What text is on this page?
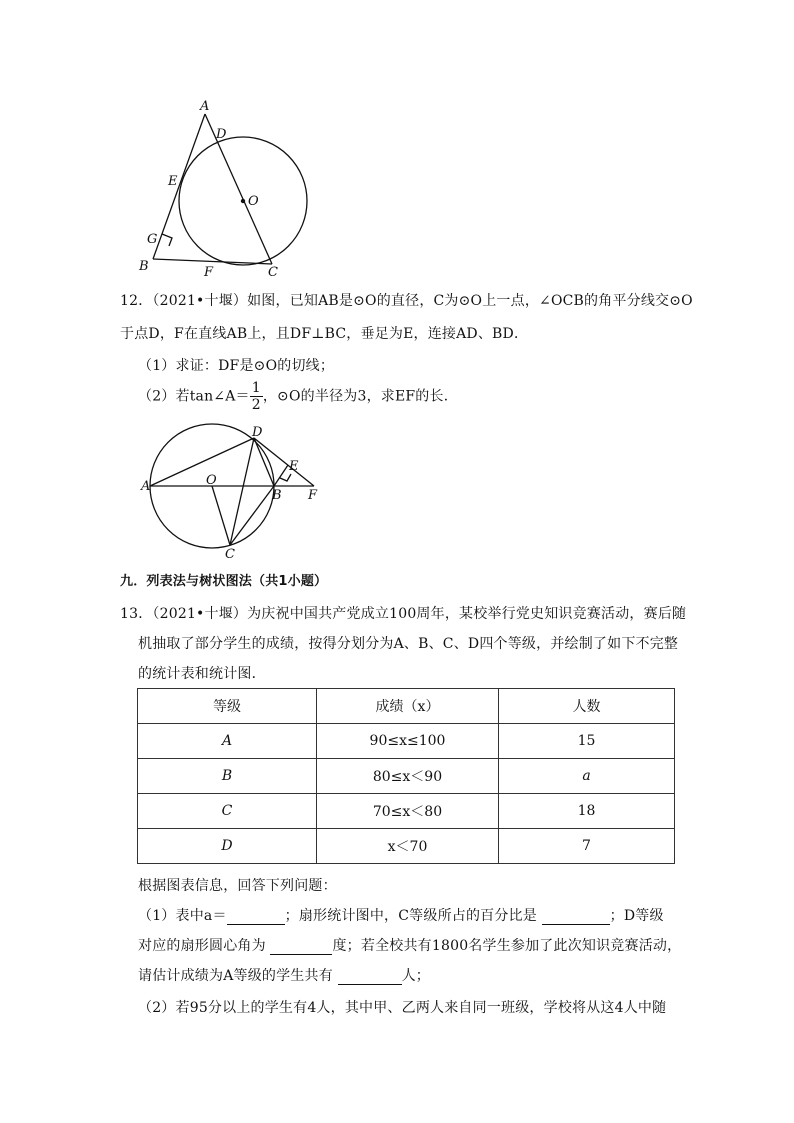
A
D
E
O
G
B	F	C
12．（2021•十堰）如图，已知AB是⊙O的直径，C为⊙O上一点，∠OCB的角平分线交⊙O
于点D，F在直线AB上，且DF⊥BC，垂足为E，连接AD、BD．
（1）求证：DF是⊙O的切线；
（2）若tan∠A＝ $\frac{1}{2}$ ，⊙O的半径为3，求EF的长．
D
E
A	O
B F
C
九．列表法与树状图法（共1小题）
13．（2021•十堰）为庆祝中国共产党成立100周年，某校举行党史知识竞赛活动，赛后随
机抽取了部分学生的成绩，按得分划分为A、B、C、D四个等级，并绘制了如下不完整
的统计表和统计图．
等级	成绩（x）	人数
A	90≤x≤100	15
B	80≤x＜90	a
C	70≤x＜80	18
D	x＜70	7
根据图表信息，回答下列问题：
（1）表中a＝	；扇形统计图中，C等级所占的百分比是	；D等级
对应的扇形圆心角为	度；若全校共有1800名学生参加了此次知识竞赛活动，
请估计成绩为A等级的学生共有	人；
（2）若95分以上的学生有4人，其中甲、乙两人来自同一班级，学校将从这4人中随
